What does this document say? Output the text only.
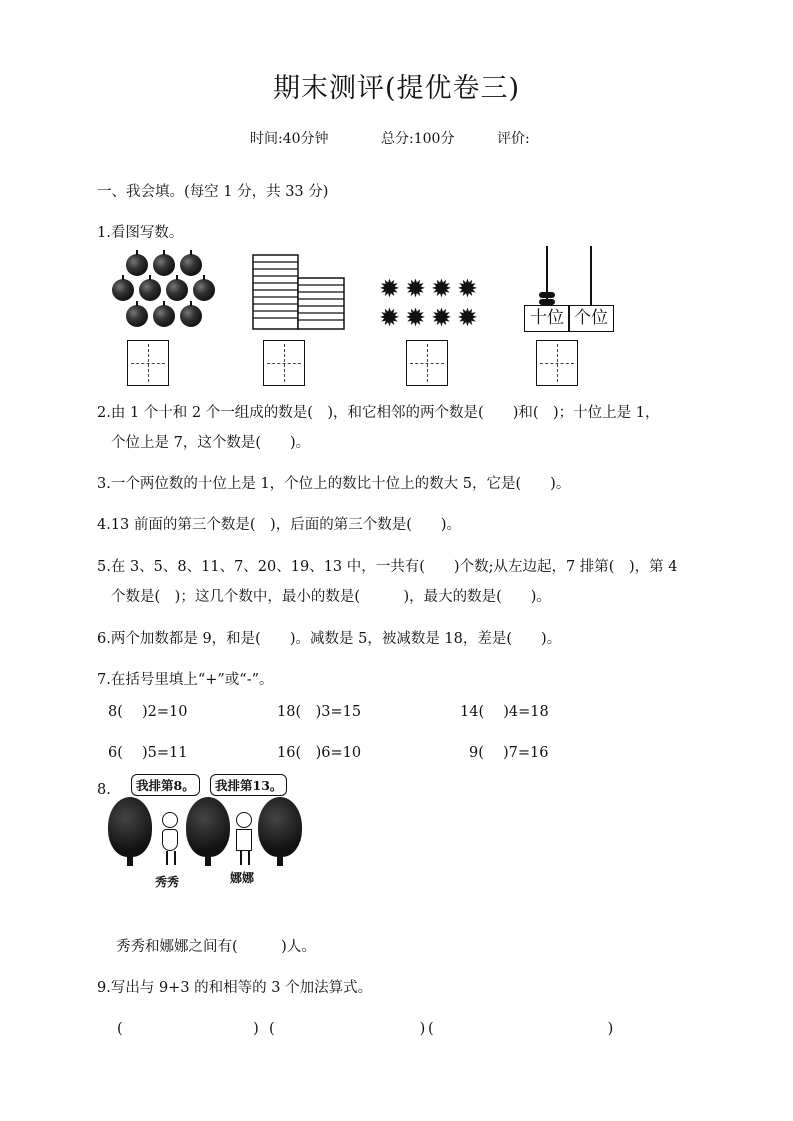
期末测评(提优卷三)
时间:40分钟	总分:100分	评价:
一、我会填。(每空 1 分，共 33 分)
1.看图写数。
✹ ✹ ✹ ✹
✹ ✹ ✹ ✹	十位 个位
2.由 1 个十和 2 个一组成的数是(　)，和它相邻的两个数是(　　)和(　)；十位上是 1，
个位上是 7，这个数是(　　)。
3.一个两位数的十位上是 1，个位上的数比十位上的数大 5，它是(　　)。
4.13 前面的第三个数是(　)，后面的第三个数是(　　)。
5.在 3、5、8、11、7、20、19、13 中，一共有(　　)个数;从左边起，7 排第(　)，第 4
个数是(　)；这几个数中，最小的数是(　　　)，最大的数是(　　)。
6.两个加数都是 9，和是(　　)。减数是 5，被减数是 18，差是(　　)。
7.在括号里填上“+”或“-”。
8(　 )2=10	18(　)3=15	14(　 )4=18
6(　 )5=11	16(　)6=10	9(　 )7=16
8.	我排第8。	我排第13。
秀秀	娜娜
秀秀和娜娜之间有(　　　)人。
9.写出与 9+3 的和相等的 3 个加法算式。
(　　　　　　　　　) (　　　　　　　　　　) (　　　　　　　　　　　　)
